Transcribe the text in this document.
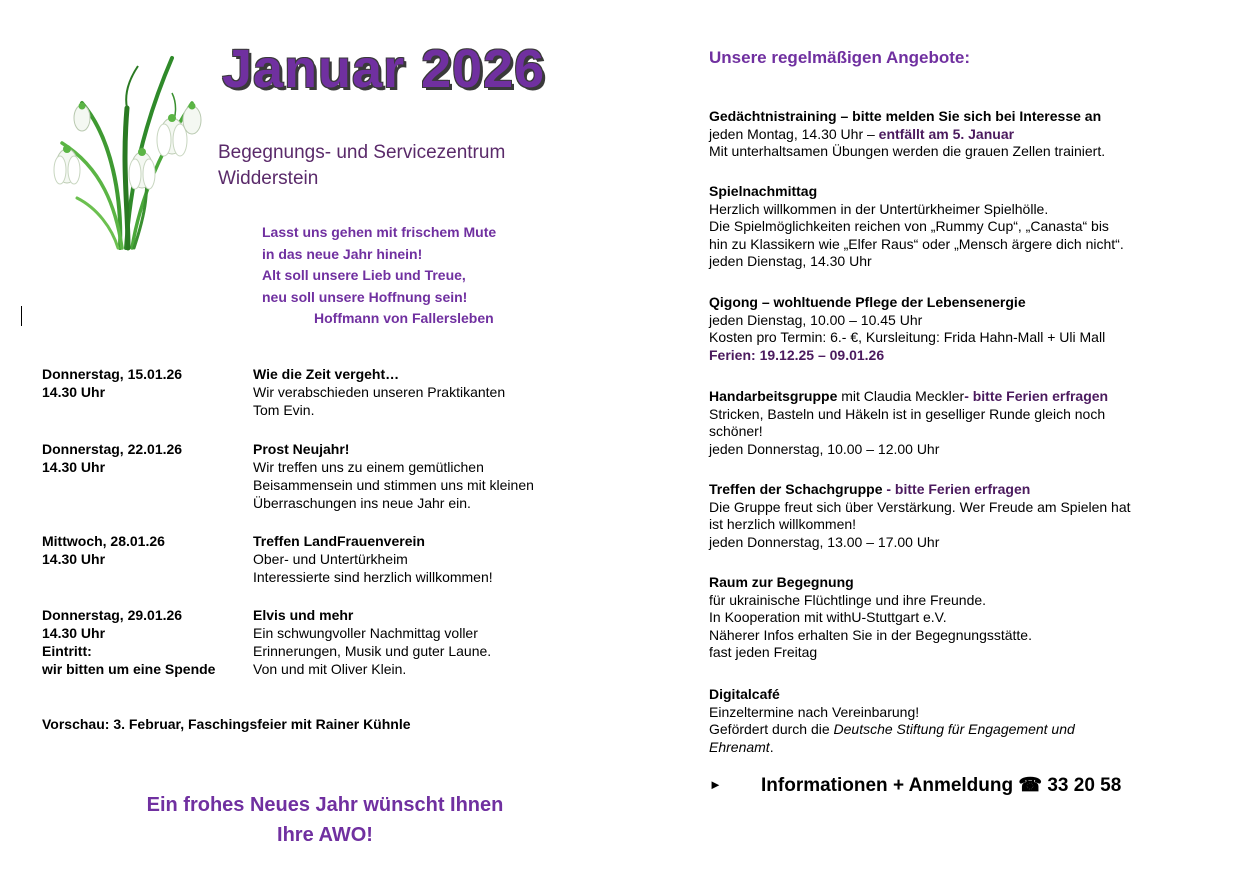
Januar 2026
Begegnungs- und Servicezentrum
Widderstein
Lasst uns gehen mit frischem Mute
in das neue Jahr hinein!
Alt soll unsere Lieb und Treue,
neu soll unsere Hoffnung sein!
Hoffmann von Fallersleben
Donnerstag, 15.01.26
14.30 Uhr
Wie die Zeit vergeht…
Wir verabschieden unseren Praktikanten
Tom Evin.
Donnerstag, 22.01.26
14.30 Uhr
Prost Neujahr!
Wir treffen uns zu einem gemütlichen
Beisammensein und stimmen uns mit kleinen
Überraschungen ins neue Jahr ein.
Mittwoch, 28.01.26
14.30 Uhr
Treffen LandFrauenverein
Ober- und Untertürkheim
Interessierte sind herzlich willkommen!
Donnerstag, 29.01.26
14.30 Uhr
Eintritt:
wir bitten um eine Spende
Elvis und mehr
Ein schwungvoller Nachmittag voller
Erinnerungen, Musik und guter Laune.
Von und mit Oliver Klein.
Vorschau: 3. Februar, Faschingsfeier mit Rainer Kühnle
Ein frohes Neues Jahr wünscht Ihnen
Ihre AWO!
Unsere regelmäßigen Angebote:
Gedächtnistraining – bitte melden Sie sich bei Interesse an
jeden Montag, 14.30 Uhr – entfällt am 5. Januar
Mit unterhaltsamen Übungen werden die grauen Zellen trainiert.
Spielnachmittag
Herzlich willkommen in der Untertürkheimer Spielhölle.
Die Spielmöglichkeiten reichen von „Rummy Cup“, „Canasta“ bis
hin zu Klassikern wie „Elfer Raus“ oder „Mensch ärgere dich nicht“.
jeden Dienstag, 14.30 Uhr
Qigong – wohltuende Pflege der Lebensenergie
jeden Dienstag, 10.00 – 10.45 Uhr
Kosten pro Termin: 6.- €, Kursleitung: Frida Hahn-Mall + Uli Mall
Ferien: 19.12.25 – 09.01.26
Handarbeitsgruppe mit Claudia Meckler- bitte Ferien erfragen
Stricken, Basteln und Häkeln ist in geselliger Runde gleich noch
schöner!
jeden Donnerstag, 10.00 – 12.00 Uhr
Treffen der Schachgruppe - bitte Ferien erfragen
Die Gruppe freut sich über Verstärkung. Wer Freude am Spielen hat
ist herzlich willkommen!
jeden Donnerstag, 13.00 – 17.00 Uhr
Raum zur Begegnung
für ukrainische Flüchtlinge und ihre Freunde.
In Kooperation mit withU-Stuttgart e.V.
Näherer Infos erhalten Sie in der Begegnungsstätte.
fast jeden Freitag
Digitalcafé
Einzeltermine nach Vereinbarung!
Gefördert durch die Deutsche Stiftung für Engagement und
Ehrenamt.
► Informationen + Anmeldung ☎ 33 20 58
